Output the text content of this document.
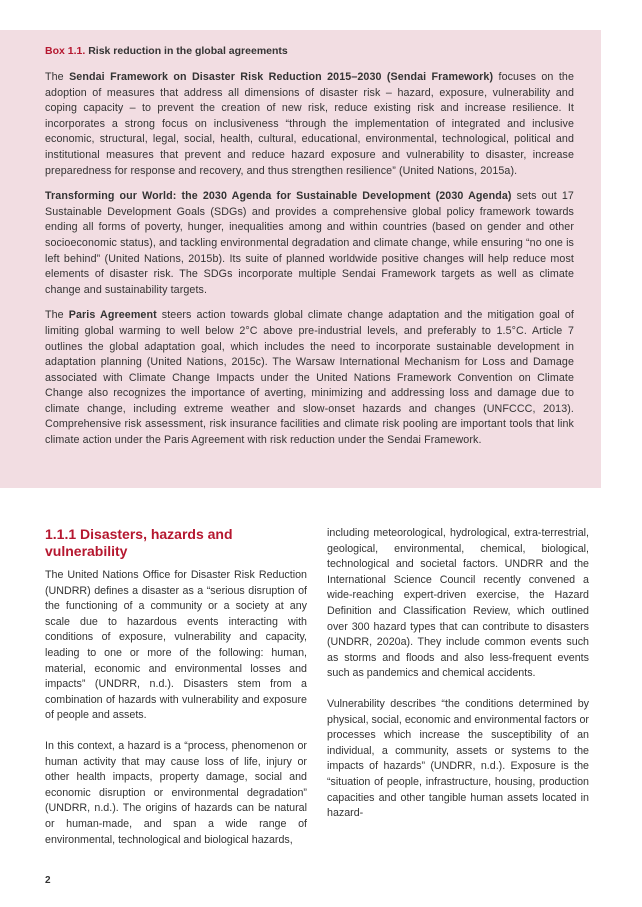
Box 1.1. Risk reduction in the global agreements

The Sendai Framework on Disaster Risk Reduction 2015–2030 (Sendai Framework) focuses on the adoption of measures that address all dimensions of disaster risk – hazard, exposure, vulnerability and coping capacity – to prevent the creation of new risk, reduce existing risk and increase resilience. It incorporates a strong focus on inclusiveness “through the implementation of integrated and inclusive economic, structural, legal, social, health, cultural, educational, environmental, technological, political and institutional measures that prevent and reduce hazard exposure and vulnerability to disaster, increase preparedness for response and recovery, and thus strengthen resilience” (United Nations, 2015a).

Transforming our World: the 2030 Agenda for Sustainable Development (2030 Agenda) sets out 17 Sustainable Development Goals (SDGs) and provides a comprehensive global policy framework towards ending all forms of poverty, hunger, inequalities among and within countries (based on gender and other socioeconomic status), and tackling environmental degradation and climate change, while ensuring “no one is left behind” (United Nations, 2015b). Its suite of planned worldwide positive changes will help reduce most elements of disaster risk. The SDGs incorporate multiple Sendai Framework targets as well as climate change and sustainability targets.

The Paris Agreement steers action towards global climate change adaptation and the mitigation goal of limiting global warming to well below 2°C above pre-industrial levels, and preferably to 1.5°C. Article 7 outlines the global adaptation goal, which includes the need to incorporate sustainable development in adaptation planning (United Nations, 2015c). The Warsaw International Mechanism for Loss and Damage associated with Climate Change Impacts under the United Nations Framework Convention on Climate Change also recognizes the importance of averting, minimizing and addressing loss and damage due to climate change, including extreme weather and slow-onset hazards and changes (UNFCCC, 2013). Comprehensive risk assessment, risk insurance facilities and climate risk pooling are important tools that link climate action under the Paris Agreement with risk reduction under the Sendai Framework.

1.1.1 Disasters, hazards and vulnerability

The United Nations Office for Disaster Risk Reduction (UNDRR) defines a disaster as a “serious disruption of the functioning of a community or a society at any scale due to hazardous events interacting with conditions of exposure, vulnerability and capacity, leading to one or more of the following: human, material, economic and environmental losses and impacts” (UNDRR, n.d.). Disasters stem from a combination of hazards with vulnerability and exposure of people and assets.

In this context, a hazard is a “process, phenomenon or human activity that may cause loss of life, injury or other health impacts, property damage, social and economic disruption or environmental degradation” (UNDRR, n.d.). The origins of hazards can be natural or human-made, and span a wide range of environmental, technological and biological hazards,

including meteorological, hydrological, extra-terrestrial, geological, environmental, chemical, biological, technological and societal factors. UNDRR and the International Science Council recently convened a wide-reaching expert-driven exercise, the Hazard Definition and Classification Review, which outlined over 300 hazard types that can contribute to disasters (UNDRR, 2020a). They include common events such as storms and floods and also less-frequent events such as pandemics and chemical accidents.

Vulnerability describes “the conditions determined by physical, social, economic and environmental factors or processes which increase the susceptibility of an individual, a community, assets or systems to the impacts of hazards” (UNDRR, n.d.). Exposure is the “situation of people, infrastructure, housing, production capacities and other tangible human assets located in hazard-

2
